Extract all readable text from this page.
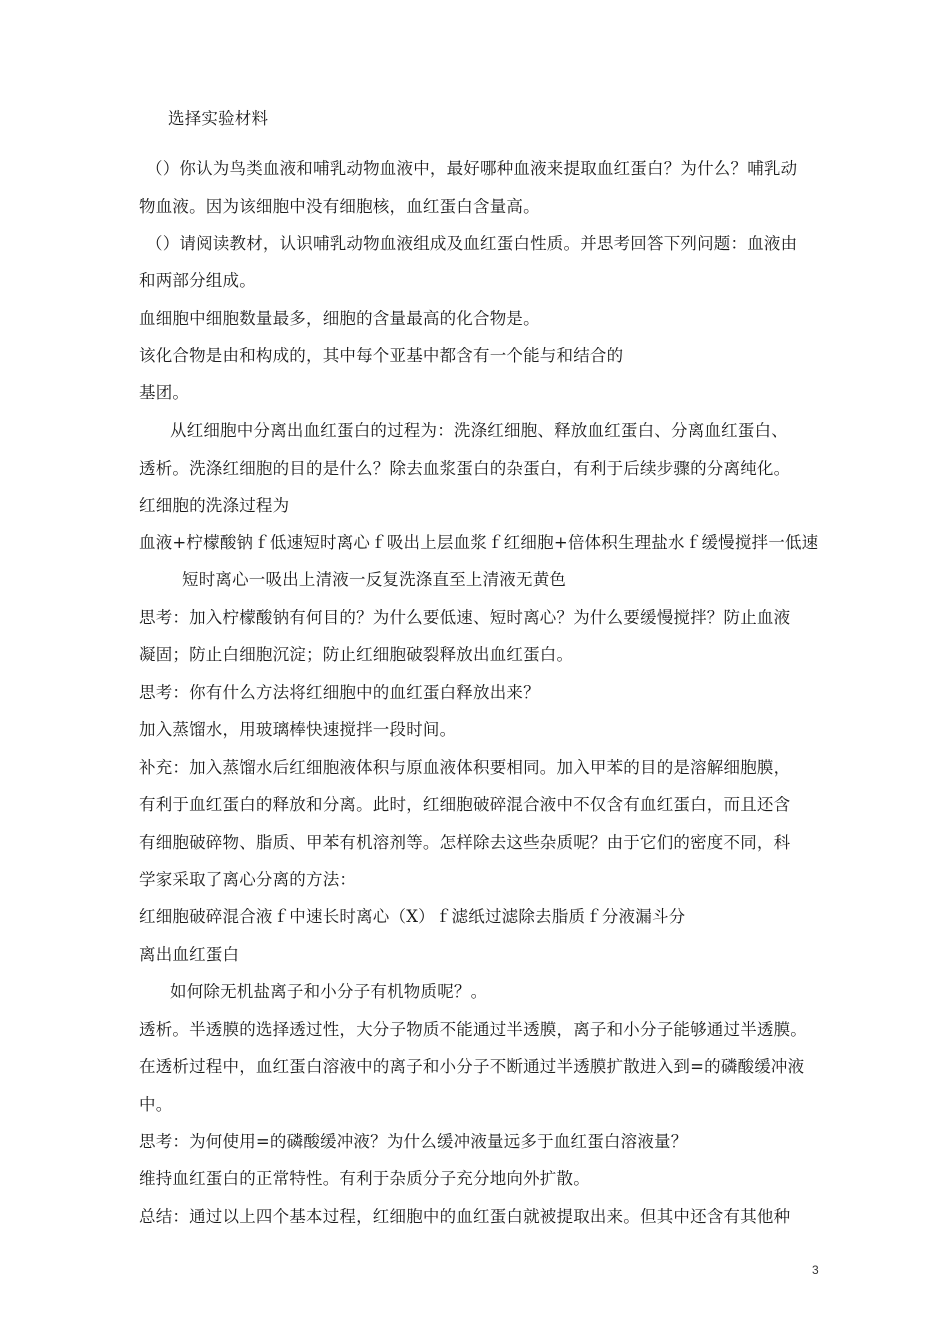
选择实验材料
（）你认为鸟类血液和哺乳动物血液中，最好哪种血液来提取血红蛋白？为什么？哺乳动
物血液。因为该细胞中没有细胞核，血红蛋白含量高。
（）请阅读教材，认识哺乳动物血液组成及血红蛋白性质。并思考回答下列问题：血液由
和两部分组成。
血细胞中细胞数量最多，细胞的含量最高的化合物是。
该化合物是由和构成的，其中每个亚基中都含有一个能与和结合的
基团。
从红细胞中分离出血红蛋白的过程为：洗涤红细胞、释放血红蛋白、分离血红蛋白、
透析。洗涤红细胞的目的是什么？除去血浆蛋白的杂蛋白，有利于后续步骤的分离纯化。
红细胞的洗涤过程为
血液+柠檬酸钠ｆ低速短时离心ｆ吸出上层血浆ｆ红细胞+倍体积生理盐水ｆ缓慢搅拌一低速
短时离心一吸出上清液一反复洗涤直至上清液无黄色
思考：加入柠檬酸钠有何目的？为什么要低速、短时离心？为什么要缓慢搅拌？防止血液
凝固；防止白细胞沉淀；防止红细胞破裂释放出血红蛋白。
思考：你有什么方法将红细胞中的血红蛋白释放出来？
加入蒸馏水，用玻璃棒快速搅拌一段时间。
补充：加入蒸馏水后红细胞液体积与原血液体积要相同。加入甲苯的目的是溶解细胞膜，
有利于血红蛋白的释放和分离。此时，红细胞破碎混合液中不仅含有血红蛋白，而且还含
有细胞破碎物、脂质、甲苯有机溶剂等。怎样除去这些杂质呢？由于它们的密度不同，科
学家采取了离心分离的方法：
红细胞破碎混合液ｆ中速长时离心（X）ｆ滤纸过滤除去脂质ｆ分液漏斗分
离出血红蛋白
如何除无机盐离子和小分子有机物质呢？。
透析。半透膜的选择透过性，大分子物质不能通过半透膜，离子和小分子能够通过半透膜。
在透析过程中，血红蛋白溶液中的离子和小分子不断通过半透膜扩散进入到=的磷酸缓冲液
中。
思考：为何使用=的磷酸缓冲液？为什么缓冲液量远多于血红蛋白溶液量？
维持血红蛋白的正常特性。有利于杂质分子充分地向外扩散。
总结：通过以上四个基本过程，红细胞中的血红蛋白就被提取出来。但其中还含有其他种
3
